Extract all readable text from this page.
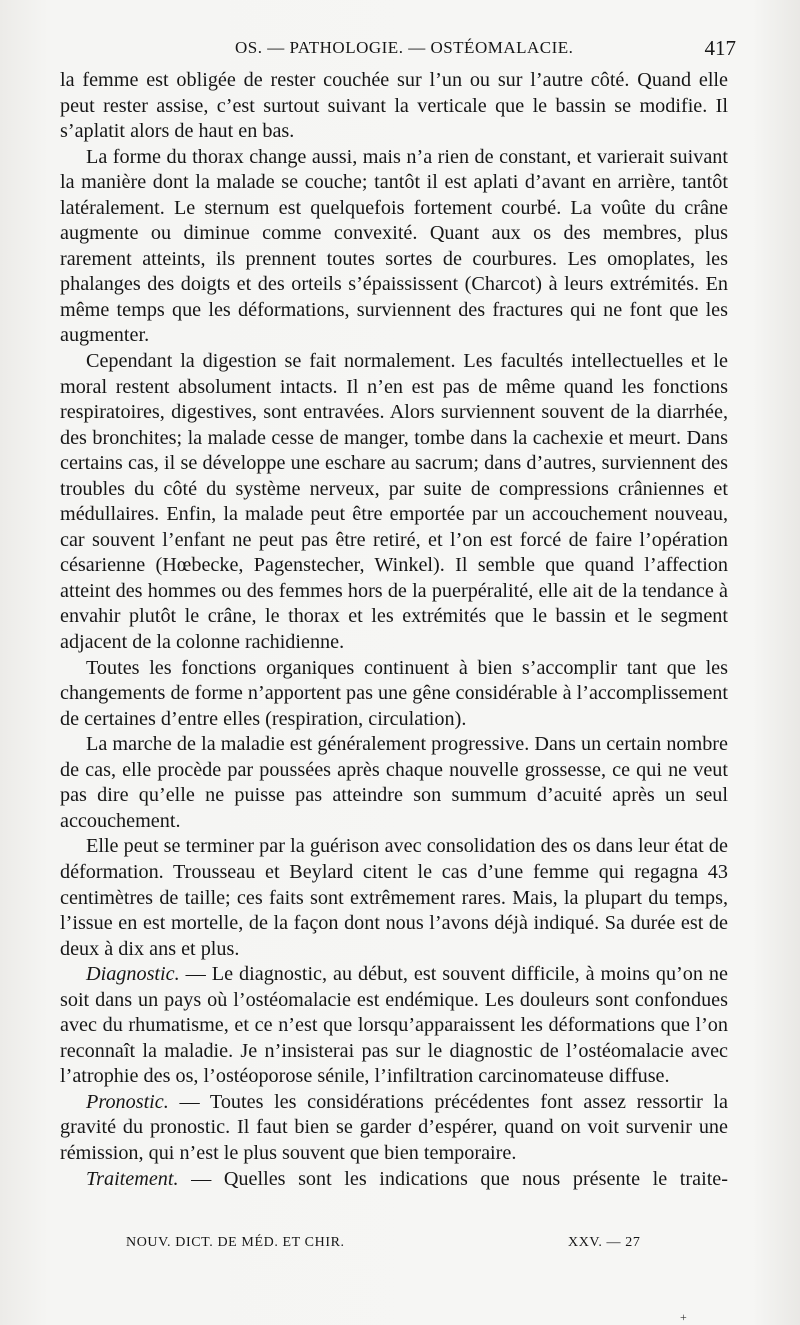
OS. — PATHOLOGIE. — OSTÉOMALACIE.	417

la femme est obligée de rester couchée sur l’un ou sur l’autre côté. Quand elle peut rester assise, c’est surtout suivant la verticale que le bassin se modifie. Il s’aplatit alors de haut en bas.

La forme du thorax change aussi, mais n’a rien de constant, et varierait suivant la manière dont la malade se couche; tantôt il est aplati d’avant en arrière, tantôt latéralement. Le sternum est quelquefois fortement courbé. La voûte du crâne augmente ou diminue comme convexité. Quant aux os des membres, plus rarement atteints, ils prennent toutes sortes de courbures. Les omoplates, les phalanges des doigts et des orteils s’épaississent (Charcot) à leurs extrémités. En même temps que les déformations, surviennent des fractures qui ne font que les augmenter.

Cependant la digestion se fait normalement. Les facultés intellectuelles et le moral restent absolument intacts. Il n’en est pas de même quand les fonctions respiratoires, digestives, sont entravées. Alors surviennent souvent de la diarrhée, des bronchites; la malade cesse de manger, tombe dans la cachexie et meurt. Dans certains cas, il se développe une eschare au sacrum; dans d’autres, surviennent des troubles du côté du système nerveux, par suite de compressions crâniennes et médullaires. Enfin, la malade peut être emportée par un accouchement nouveau, car souvent l’enfant ne peut pas être retiré, et l’on est forcé de faire l’opération césarienne (Hœbecke, Pagenstecher, Winkel). Il semble que quand l’affection atteint des hommes ou des femmes hors de la puerpéralité, elle ait de la tendance à envahir plutôt le crâne, le thorax et les extrémités que le bassin et le segment adjacent de la colonne rachidienne.

Toutes les fonctions organiques continuent à bien s’accomplir tant que les changements de forme n’apportent pas une gêne considérable à l’accomplissement de certaines d’entre elles (respiration, circulation).

La marche de la maladie est généralement progressive. Dans un certain nombre de cas, elle procède par poussées après chaque nouvelle grossesse, ce qui ne veut pas dire qu’elle ne puisse pas atteindre son summum d’acuité après un seul accouchement.

Elle peut se terminer par la guérison avec consolidation des os dans leur état de déformation. Trousseau et Beylard citent le cas d’une femme qui regagna 43 centimètres de taille; ces faits sont extrêmement rares. Mais, la plupart du temps, l’issue en est mortelle, de la façon dont nous l’avons déjà indiqué. Sa durée est de deux à dix ans et plus.

Diagnostic. — Le diagnostic, au début, est souvent difficile, à moins qu’on ne soit dans un pays où l’ostéomalacie est endémique. Les douleurs sont confondues avec du rhumatisme, et ce n’est que lorsqu’apparaissent les déformations que l’on reconnaît la maladie. Je n’insisterai pas sur le diagnostic de l’ostéomalacie avec l’atrophie des os, l’ostéoporose sénile, l’infiltration carcinomateuse diffuse.

Pronostic. — Toutes les considérations précédentes font assez ressortir la gravité du pronostic. Il faut bien se garder d’espérer, quand on voit survenir une rémission, qui n’est le plus souvent que bien temporaire.

Traitement. — Quelles sont les indications que nous présente le traite-

NOUV. DICT. DE MÉD. ET CHIR.	XXV. — 27
+
